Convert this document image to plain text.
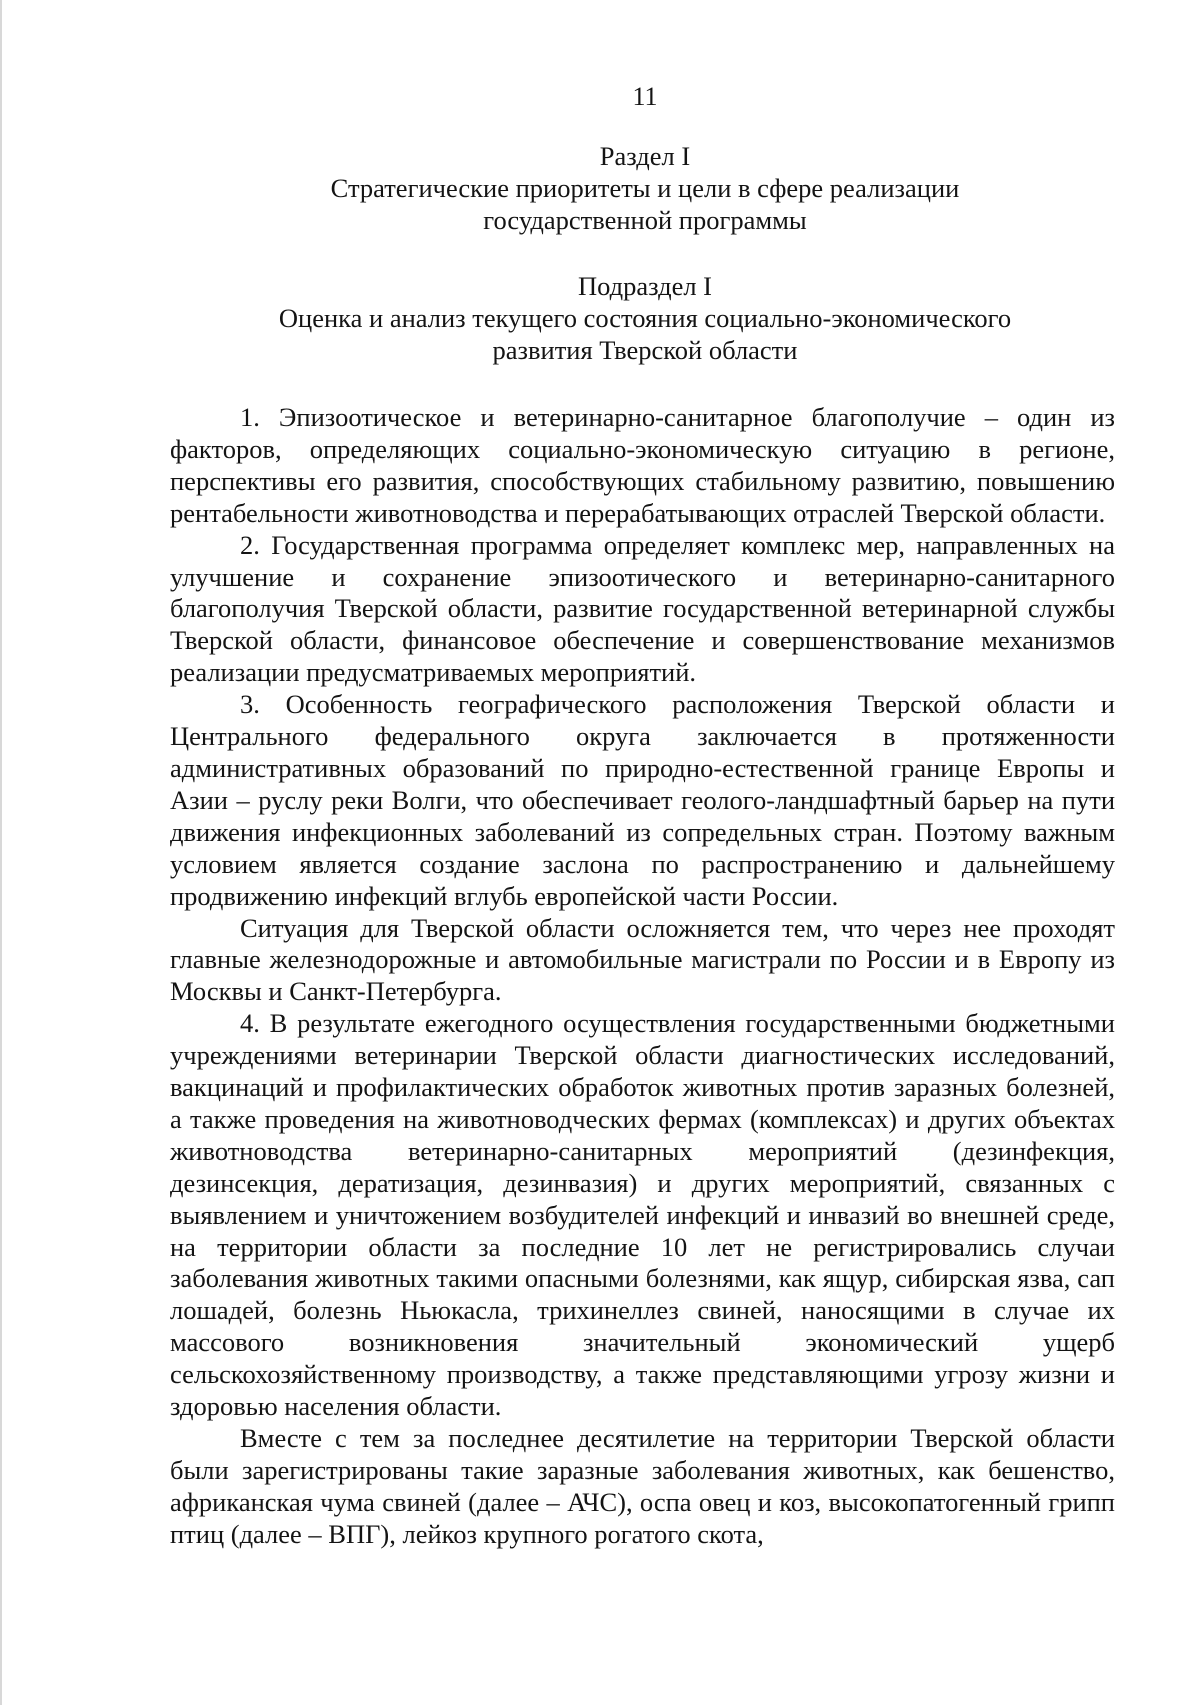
11
Раздел I
Стратегические приоритеты и цели в сфере реализации
государственной программы
Подраздел I
Оценка и анализ текущего состояния социально-экономического
развития Тверской области

1. Эпизоотическое и ветеринарно-санитарное благополучие – один из факторов, определяющих социально-экономическую ситуацию в регионе, перспективы его развития, способствующих стабильному развитию, повышению рентабельности животноводства и перерабатывающих отраслей Тверской области.

2. Государственная программа определяет комплекс мер, направленных на улучшение и сохранение эпизоотического и ветеринарно-санитарного благополучия Тверской области, развитие государственной ветеринарной службы Тверской области, финансовое обеспечение и совершенствование механизмов реализации предусматриваемых мероприятий.

3. Особенность географического расположения Тверской области и Центрального федерального округа заключается в протяженности административных образований по природно-естественной границе Европы и Азии – руслу реки Волги, что обеспечивает геолого-ландшафтный барьер на пути движения инфекционных заболеваний из сопредельных стран. Поэтому важным условием является создание заслона по распространению и дальнейшему продвижению инфекций вглубь европейской части России.

Ситуация для Тверской области осложняется тем, что через нее проходят главные железнодорожные и автомобильные магистрали по России и в Европу из Москвы и Санкт-Петербурга.

4. В результате ежегодного осуществления государственными бюджетными учреждениями ветеринарии Тверской области диагностических исследований, вакцинаций и профилактических обработок животных против заразных болезней, а также проведения на животноводческих фермах (комплексах) и других объектах животноводства ветеринарно-санитарных мероприятий (дезинфекция, дезинсекция, дератизация, дезинвазия) и других мероприятий, связанных с выявлением и уничтожением возбудителей инфекций и инвазий во внешней среде, на территории области за последние 10 лет не регистрировались случаи заболевания животных такими опасными болезнями, как ящур, сибирская язва, сап лошадей, болезнь Ньюкасла, трихинеллез свиней, наносящими в случае их массового возникновения значительный экономический ущерб сельскохозяйственному производству, а также представляющими угрозу жизни и здоровью населения области.

Вместе с тем за последнее десятилетие на территории Тверской области были зарегистрированы такие заразные заболевания животных, как бешенство, африканская чума свиней (далее – АЧС), оспа овец и коз, высокопатогенный грипп птиц (далее – ВПГ), лейкоз крупного рогатого скота,
